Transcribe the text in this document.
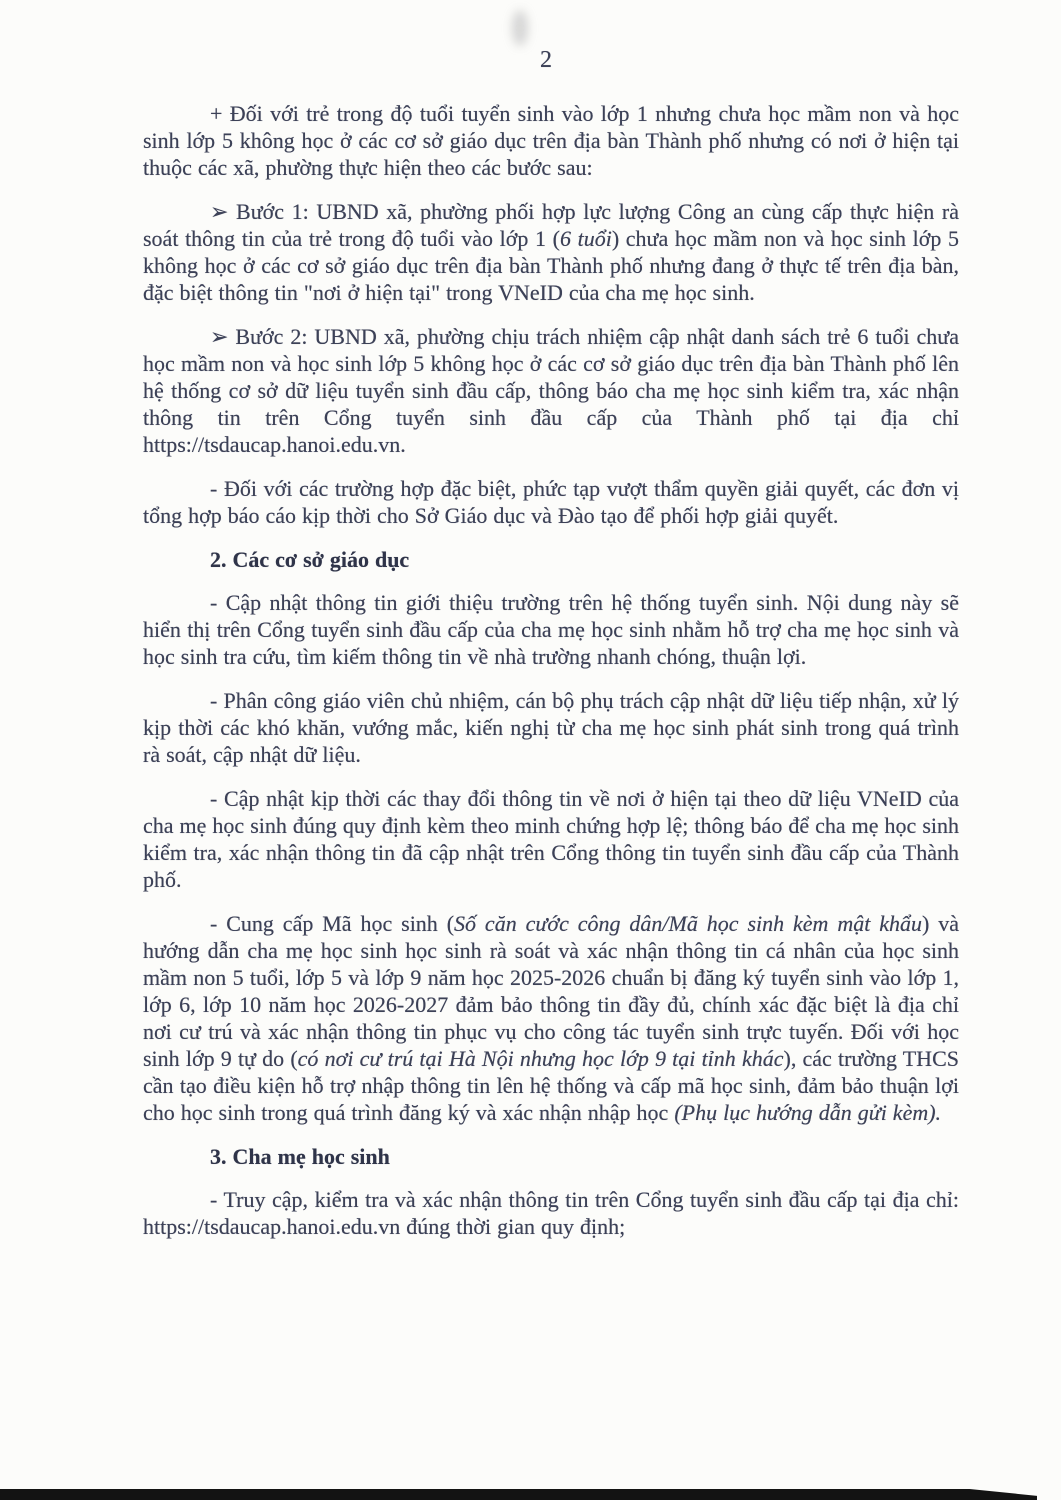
2

+ Đối với trẻ trong độ tuổi tuyển sinh vào lớp 1 nhưng chưa học mầm non và học sinh lớp 5 không học ở các cơ sở giáo dục trên địa bàn Thành phố nhưng có nơi ở hiện tại thuộc các xã, phường thực hiện theo các bước sau:

➢ Bước 1: UBND xã, phường phối hợp lực lượng Công an cùng cấp thực hiện rà soát thông tin của trẻ trong độ tuổi vào lớp 1 (6 tuổi) chưa học mầm non và học sinh lớp 5 không học ở các cơ sở giáo dục trên địa bàn Thành phố nhưng đang ở thực tế trên địa bàn, đặc biệt thông tin "nơi ở hiện tại" trong VNeID của cha mẹ học sinh.

➢ Bước 2: UBND xã, phường chịu trách nhiệm cập nhật danh sách trẻ 6 tuổi chưa học mầm non và học sinh lớp 5 không học ở các cơ sở giáo dục trên địa bàn Thành phố lên hệ thống cơ sở dữ liệu tuyển sinh đầu cấp, thông báo cha mẹ học sinh kiểm tra, xác nhận thông tin trên Cổng tuyển sinh đầu cấp của Thành phố tại địa chỉ https://tsdaucap.hanoi.edu.vn.

- Đối với các trường hợp đặc biệt, phức tạp vượt thẩm quyền giải quyết, các đơn vị tổng hợp báo cáo kịp thời cho Sở Giáo dục và Đào tạo để phối hợp giải quyết.

2. Các cơ sở giáo dục

- Cập nhật thông tin giới thiệu trường trên hệ thống tuyển sinh. Nội dung này sẽ hiển thị trên Cổng tuyển sinh đầu cấp của cha mẹ học sinh nhằm hỗ trợ cha mẹ học sinh và học sinh tra cứu, tìm kiếm thông tin về nhà trường nhanh chóng, thuận lợi.

- Phân công giáo viên chủ nhiệm, cán bộ phụ trách cập nhật dữ liệu tiếp nhận, xử lý kịp thời các khó khăn, vướng mắc, kiến nghị từ cha mẹ học sinh phát sinh trong quá trình rà soát, cập nhật dữ liệu.

- Cập nhật kịp thời các thay đổi thông tin về nơi ở hiện tại theo dữ liệu VNeID của cha mẹ học sinh đúng quy định kèm theo minh chứng hợp lệ; thông báo để cha mẹ học sinh kiểm tra, xác nhận thông tin đã cập nhật trên Cổng thông tin tuyển sinh đầu cấp của Thành phố.

- Cung cấp Mã học sinh (Số căn cước công dân/Mã học sinh kèm mật khẩu) và hướng dẫn cha mẹ học sinh học sinh rà soát và xác nhận thông tin cá nhân của học sinh mầm non 5 tuổi, lớp 5 và lớp 9 năm học 2025-2026 chuẩn bị đăng ký tuyển sinh vào lớp 1, lớp 6, lớp 10 năm học 2026-2027 đảm bảo thông tin đầy đủ, chính xác đặc biệt là địa chỉ nơi cư trú và xác nhận thông tin phục vụ cho công tác tuyển sinh trực tuyến. Đối với học sinh lớp 9 tự do (có nơi cư trú tại Hà Nội nhưng học lớp 9 tại tỉnh khác), các trường THCS cần tạo điều kiện hỗ trợ nhập thông tin lên hệ thống và cấp mã học sinh, đảm bảo thuận lợi cho học sinh trong quá trình đăng ký và xác nhận nhập học (Phụ lục hướng dẫn gửi kèm).

3. Cha mẹ học sinh

- Truy cập, kiểm tra và xác nhận thông tin trên Cổng tuyển sinh đầu cấp tại địa chỉ: https://tsdaucap.hanoi.edu.vn đúng thời gian quy định;
